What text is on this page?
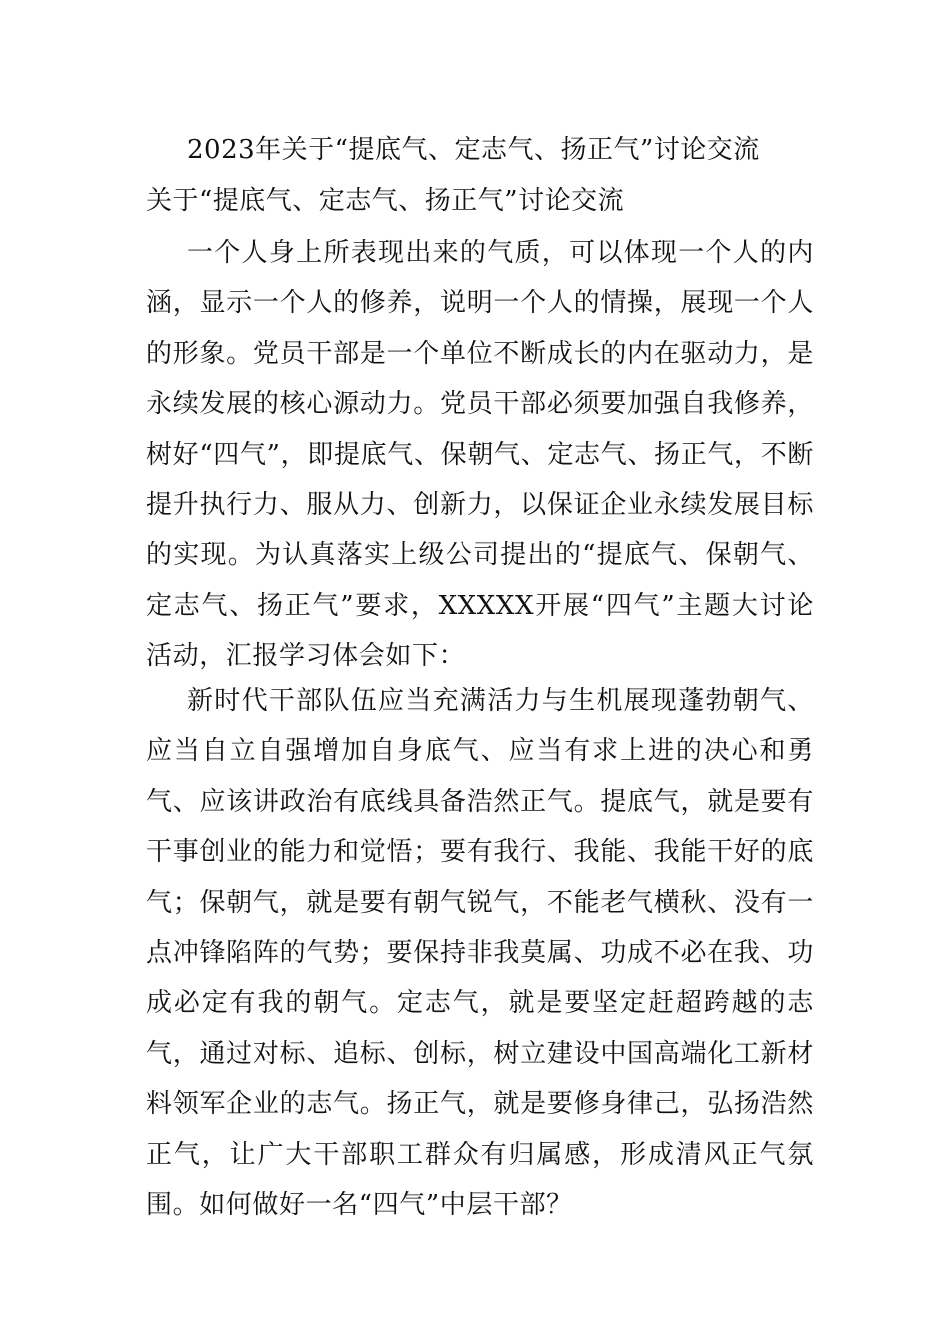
2023年关于“提底气、定志气、扬正气”讨论交流
关于“提底气、定志气、扬正气”讨论交流

一个人身上所表现出来的气质，可以体现一个人的内涵，显示一个人的修养，说明一个人的情操，展现一个人的形象。党员干部是一个单位不断成长的内在驱动力，是永续发展的核心源动力。党员干部必须要加强自我修养，树好“四气”，即提底气、保朝气、定志气、扬正气，不断提升执行力、服从力、创新力，以保证企业永续发展目标的实现。为认真落实上级公司提出的“提底气、保朝气、定志气、扬正气”要求，XXXXX开展“四气”主题大讨论活动，汇报学习体会如下：

新时代干部队伍应当充满活力与生机展现蓬勃朝气、应当自立自强增加自身底气、应当有求上进的决心和勇气、应该讲政治有底线具备浩然正气。提底气，就是要有干事创业的能力和觉悟；要有我行、我能、我能干好的底气；保朝气，就是要有朝气锐气，不能老气横秋、没有一点冲锋陷阵的气势；要保持非我莫属、功成不必在我、功成必定有我的朝气。定志气，就是要坚定赶超跨越的志气，通过对标、追标、创标，树立建设中国高端化工新材料领军企业的志气。扬正气，就是要修身律己，弘扬浩然正气，让广大干部职工群众有归属感，形成清风正气氛围。如何做好一名“四气”中层干部？
